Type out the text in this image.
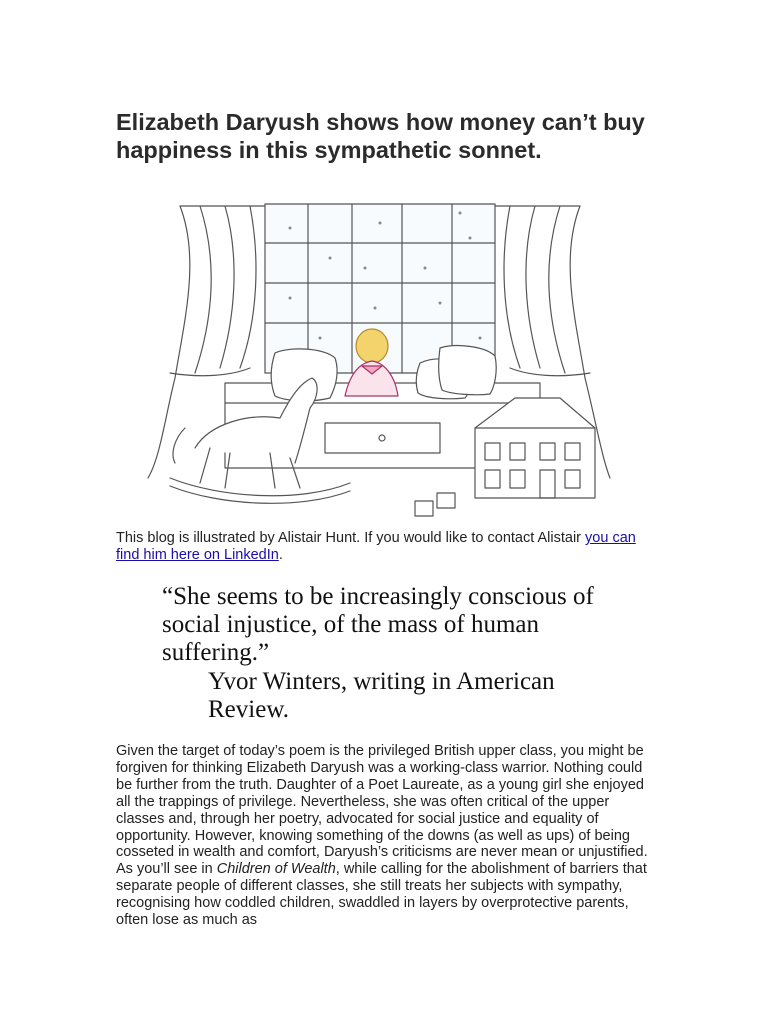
Elizabeth Daryush shows how money can’t buy happiness in this sympathetic sonnet.

This blog is illustrated by Alistair Hunt. If you would like to contact Alistair you can find him here on LinkedIn.

“She seems to be increasingly conscious of social injustice, of the mass of human suffering.”

Yvor Winters, writing in American Review.

Given the target of today’s poem is the privileged British upper class, you might be forgiven for thinking Elizabeth Daryush was a working-class warrior. Nothing could be further from the truth. Daughter of a Poet Laureate, as a young girl she enjoyed all the trappings of privilege. Nevertheless, she was often critical of the upper classes and, through her poetry, advocated for social justice and equality of opportunity. However, knowing something of the downs (as well as ups) of being cosseted in wealth and comfort, Daryush’s criticisms are never mean or unjustified. As you’ll see in Children of Wealth, while calling for the abolishment of barriers that separate people of different classes, she still treats her subjects with sympathy, recognising how coddled children, swaddled in layers by overprotective parents, often lose as much as
